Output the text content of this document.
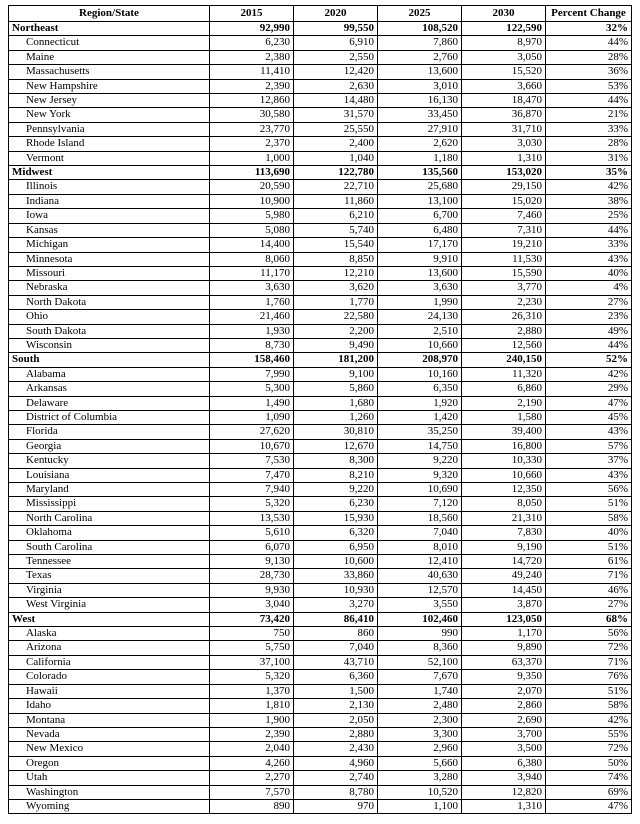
Region/State	2015	2020	2025	2030	Percent Change
Northeast	92,990	99,550	108,520	122,590	32%
Connecticut	6,230	6,910	7,860	8,970	44%
Maine	2,380	2,550	2,760	3,050	28%
Massachusetts	11,410	12,420	13,600	15,520	36%
New Hampshire	2,390	2,630	3,010	3,660	53%
New Jersey	12,860	14,480	16,130	18,470	44%
New York	30,580	31,570	33,450	36,870	21%
Pennsylvania	23,770	25,550	27,910	31,710	33%
Rhode Island	2,370	2,400	2,620	3,030	28%
Vermont	1,000	1,040	1,180	1,310	31%
Midwest	113,690	122,780	135,560	153,020	35%
Illinois	20,590	22,710	25,680	29,150	42%
Indiana	10,900	11,860	13,100	15,020	38%
Iowa	5,980	6,210	6,700	7,460	25%
Kansas	5,080	5,740	6,480	7,310	44%
Michigan	14,400	15,540	17,170	19,210	33%
Minnesota	8,060	8,850	9,910	11,530	43%
Missouri	11,170	12,210	13,600	15,590	40%
Nebraska	3,630	3,620	3,630	3,770	4%
North Dakota	1,760	1,770	1,990	2,230	27%
Ohio	21,460	22,580	24,130	26,310	23%
South Dakota	1,930	2,200	2,510	2,880	49%
Wisconsin	8,730	9,490	10,660	12,560	44%
South	158,460	181,200	208,970	240,150	52%
Alabama	7,990	9,100	10,160	11,320	42%
Arkansas	5,300	5,860	6,350	6,860	29%
Delaware	1,490	1,680	1,920	2,190	47%
District of Columbia	1,090	1,260	1,420	1,580	45%
Florida	27,620	30,810	35,250	39,400	43%
Georgia	10,670	12,670	14,750	16,800	57%
Kentucky	7,530	8,300	9,220	10,330	37%
Louisiana	7,470	8,210	9,320	10,660	43%
Maryland	7,940	9,220	10,690	12,350	56%
Mississippi	5,320	6,230	7,120	8,050	51%
North Carolina	13,530	15,930	18,560	21,310	58%
Oklahoma	5,610	6,320	7,040	7,830	40%
South Carolina	6,070	6,950	8,010	9,190	51%
Tennessee	9,130	10,600	12,410	14,720	61%
Texas	28,730	33,860	40,630	49,240	71%
Virginia	9,930	10,930	12,570	14,450	46%
West Virginia	3,040	3,270	3,550	3,870	27%
West	73,420	86,410	102,460	123,050	68%
Alaska	750	860	990	1,170	56%
Arizona	5,750	7,040	8,360	9,890	72%
California	37,100	43,710	52,100	63,370	71%
Colorado	5,320	6,360	7,670	9,350	76%
Hawaii	1,370	1,500	1,740	2,070	51%
Idaho	1,810	2,130	2,480	2,860	58%
Montana	1,900	2,050	2,300	2,690	42%
Nevada	2,390	2,880	3,300	3,700	55%
New Mexico	2,040	2,430	2,960	3,500	72%
Oregon	4,260	4,960	5,660	6,380	50%
Utah	2,270	2,740	3,280	3,940	74%
Washington	7,570	8,780	10,520	12,820	69%
Wyoming	890	970	1,100	1,310	47%
